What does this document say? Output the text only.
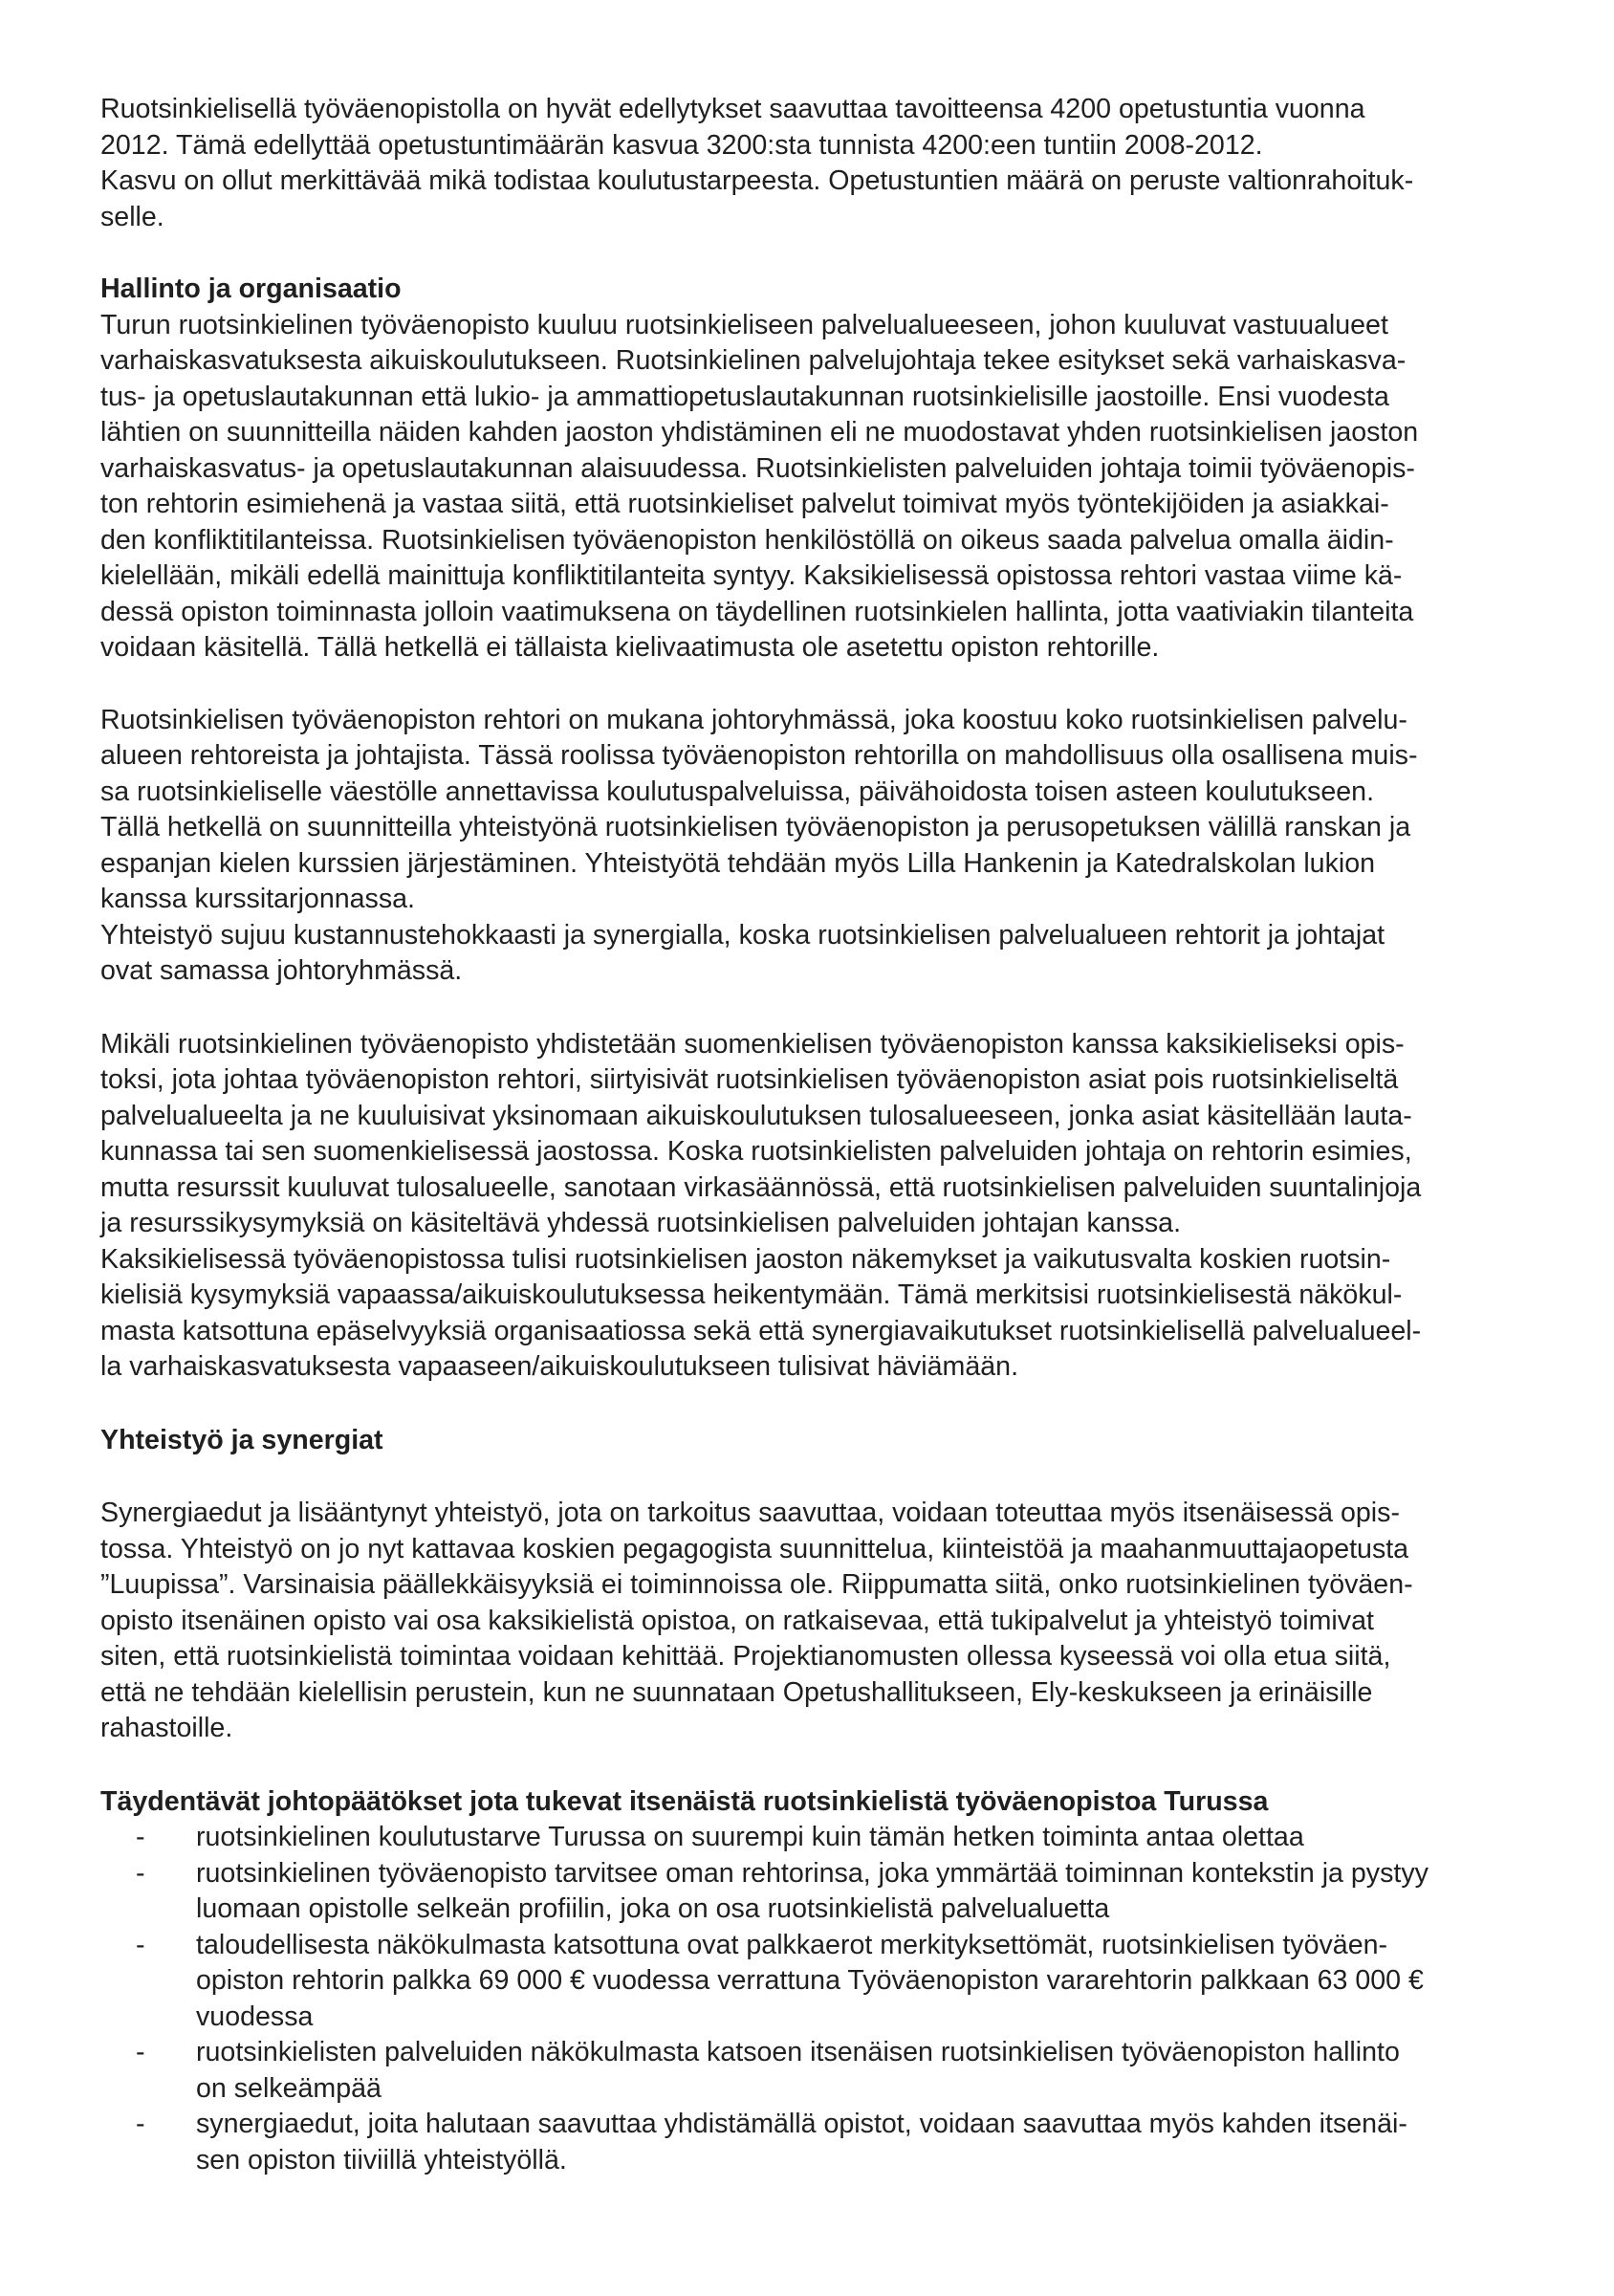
Ruotsinkielisellä työväenopistolla on hyvät edellytykset saavuttaa tavoitteensa 4200 opetustuntia vuonna
2012. Tämä edellyttää opetustuntimäärän kasvua 3200:sta tunnista 4200:een tuntiin 2008-2012.
Kasvu on ollut merkittävää mikä todistaa koulutustarpeesta. Opetustuntien määrä on peruste valtionrahoituk-
selle.

Hallinto ja organisaatio

Turun ruotsinkielinen työväenopisto kuuluu ruotsinkieliseen palvelualueeseen, johon kuuluvat vastuualueet
varhaiskasvatuksesta aikuiskoulutukseen. Ruotsinkielinen palvelujohtaja tekee esitykset sekä varhaiskasva-
tus- ja opetuslautakunnan että lukio- ja ammattiopetuslautakunnan ruotsinkielisille jaostoille. Ensi vuodesta
lähtien on suunnitteilla näiden kahden jaoston yhdistäminen eli ne muodostavat yhden ruotsinkielisen jaoston
varhaiskasvatus- ja opetuslautakunnan alaisuudessa. Ruotsinkielisten palveluiden johtaja toimii työväenopis-
ton rehtorin esimiehenä ja vastaa siitä, että ruotsinkieliset palvelut toimivat myös työntekijöiden ja asiakkai-
den konfliktitilanteissa. Ruotsinkielisen työväenopiston henkilöstöllä on oikeus saada palvelua omalla äidin-
kielellään, mikäli edellä mainittuja konfliktitilanteita syntyy. Kaksikielisessä opistossa rehtori vastaa viime kä-
dessä opiston toiminnasta jolloin vaatimuksena on täydellinen ruotsinkielen hallinta, jotta vaativiakin tilanteita
voidaan käsitellä. Tällä hetkellä ei tällaista kielivaatimusta ole asetettu opiston rehtorille.

Ruotsinkielisen työväenopiston rehtori on mukana johtoryhmässä, joka koostuu koko ruotsinkielisen palvelu-
alueen rehtoreista ja johtajista. Tässä roolissa työväenopiston rehtorilla on mahdollisuus olla osallisena muis-
sa ruotsinkieliselle väestölle annettavissa koulutuspalveluissa, päivähoidosta toisen asteen koulutukseen.
Tällä hetkellä on suunnitteilla yhteistyönä ruotsinkielisen työväenopiston ja perusopetuksen välillä ranskan ja
espanjan kielen kurssien järjestäminen. Yhteistyötä tehdään myös Lilla Hankenin ja Katedralskolan lukion
kanssa kurssitarjonnassa.
Yhteistyö sujuu kustannustehokkaasti ja synergialla, koska ruotsinkielisen palvelualueen rehtorit ja johtajat
ovat samassa johtoryhmässä.

Mikäli ruotsinkielinen työväenopisto yhdistetään suomenkielisen työväenopiston kanssa kaksikieliseksi opis-
toksi, jota johtaa työväenopiston rehtori, siirtyisivät ruotsinkielisen työväenopiston asiat pois ruotsinkieliseltä
palvelualueelta ja ne kuuluisivat yksinomaan aikuiskoulutuksen tulosalueeseen, jonka asiat käsitellään lauta-
kunnassa tai sen suomenkielisessä jaostossa. Koska ruotsinkielisten palveluiden johtaja on rehtorin esimies,
mutta resurssit kuuluvat tulosalueelle, sanotaan virkasäännössä, että ruotsinkielisen palveluiden suuntalinjoja
ja resurssikysymyksiä on käsiteltävä yhdessä ruotsinkielisen palveluiden johtajan kanssa.
Kaksikielisessä työväenopistossa tulisi ruotsinkielisen jaoston näkemykset ja vaikutusvalta koskien ruotsin-
kielisiä kysymyksiä vapaassa/aikuiskoulutuksessa heikentymään. Tämä merkitsisi ruotsinkielisestä näkökul-
masta katsottuna epäselvyyksiä organisaatiossa sekä että synergiavaikutukset ruotsinkielisellä palvelualueel-
la varhaiskasvatuksesta vapaaseen/aikuiskoulutukseen tulisivat häviämään.

Yhteistyö ja synergiat

Synergiaedut ja lisääntynyt yhteistyö, jota on tarkoitus saavuttaa, voidaan toteuttaa myös itsenäisessä opis-
tossa. Yhteistyö on jo nyt kattavaa koskien pegagogista suunnittelua, kiinteistöä ja maahanmuuttajaopetusta
”Luupissa”. Varsinaisia päällekkäisyyksiä ei toiminnoissa ole. Riippumatta siitä, onko ruotsinkielinen työväen-
opisto itsenäinen opisto vai osa kaksikielistä opistoa, on ratkaisevaa, että tukipalvelut ja yhteistyö toimivat
siten, että ruotsinkielistä toimintaa voidaan kehittää. Projektianomusten ollessa kyseessä voi olla etua siitä,
että ne tehdään kielellisin perustein, kun ne suunnataan Opetushallitukseen, Ely-keskukseen ja erinäisille
rahastoille.

Täydentävät johtopäätökset jota tukevat itsenäistä ruotsinkielistä työväenopistoa Turussa
- ruotsinkielinen koulutustarve Turussa on suurempi kuin tämän hetken toiminta antaa olettaa
- ruotsinkielinen työväenopisto tarvitsee oman rehtorinsa, joka ymmärtää toiminnan kontekstin ja pystyy
luomaan opistolle selkeän profiilin, joka on osa ruotsinkielistä palvelualuetta
- taloudellisesta näkökulmasta katsottuna ovat palkkaerot merkityksettömät, ruotsinkielisen työväen-
opiston rehtorin palkka 69 000 € vuodessa verrattuna Työväenopiston vararehtorin palkkaan 63 000 €
vuodessa
- ruotsinkielisten palveluiden näkökulmasta katsoen itsenäisen ruotsinkielisen työväenopiston hallinto
on selkeämpää
- synergiaedut, joita halutaan saavuttaa yhdistämällä opistot, voidaan saavuttaa myös kahden itsenäi-
sen opiston tiiviillä yhteistyöllä.
